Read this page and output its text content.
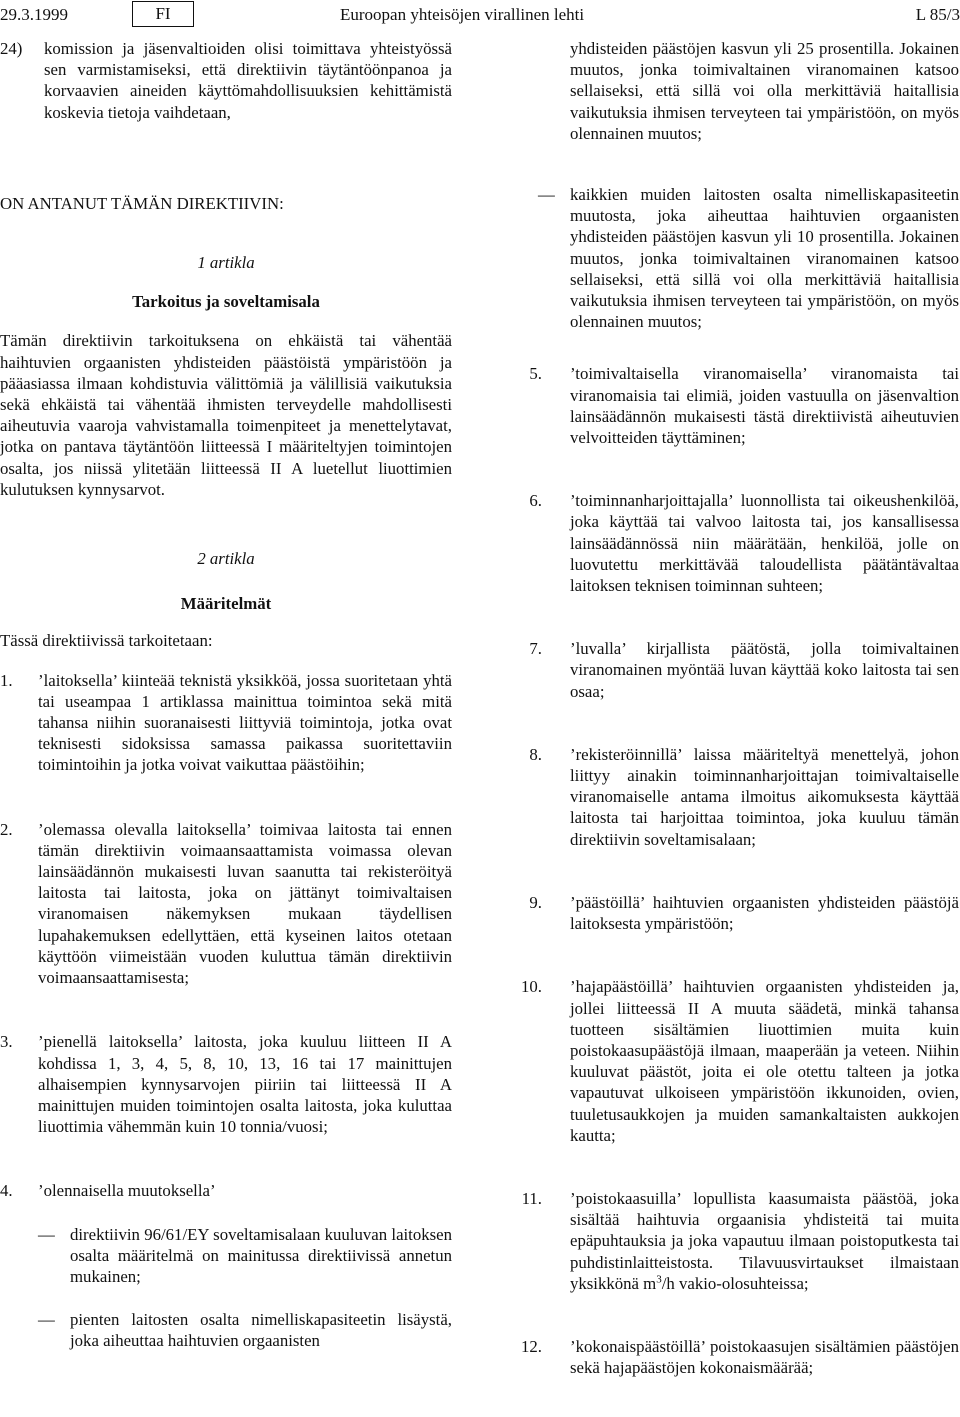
29.3.1999	FI	Euroopan yhteisöjen virallinen lehti	L 85/3
24)	komission ja jäsenvaltioiden olisi toimittava yhteistyössä sen varmistamiseksi, että direktiivin täytäntöönpanoa ja korvaavien aineiden käyttömahdollisuuksien kehittämistä koskevia tietoja vaihdetaan,

ON ANTANUT TÄMÄN DIREKTIIVIN:

1 artikla

Tarkoitus ja soveltamisala

Tämän direktiivin tarkoituksena on ehkäistä tai vähentää haihtuvien orgaanisten yhdisteiden päästöistä ympäristöön ja pääasiassa ilmaan kohdistuvia välittömiä ja välillisiä vaikutuksia sekä ehkäistä tai vähentää ihmisten terveydelle mahdollisesti aiheutuvia vaaroja vahvistamalla toimenpiteet ja menettelytavat, jotka on pantava täytäntöön liitteessä I määriteltyjen toimintojen osalta, jos niissä ylitetään liitteessä II A luetellut liuottimien kulutuksen kynnysarvot.

2 artikla

Määritelmät

Tässä direktiivissä tarkoitetaan:

1.	’laitoksella’ kiinteää teknistä yksikköä, jossa suoritetaan yhtä tai useampaa 1 artiklassa mainittua toimintoa sekä mitä tahansa niihin suoranaisesti liittyviä toimintoja, jotka ovat teknisesti sidoksissa samassa paikassa suoritettaviin toimintoihin ja jotka voivat vaikuttaa päästöihin;
2.	’olemassa olevalla laitoksella’ toimivaa laitosta tai ennen tämän direktiivin voimaansaattamista voimassa olevan lainsäädännön mukaisesti luvan saanutta tai rekisteröityä laitosta tai laitosta, joka on jättänyt toimivaltaisen viranomaisen näkemyksen mukaan täydellisen lupahakemuksen edellyttäen, että kyseinen laitos otetaan käyttöön viimeistään vuoden kuluttua tämän direktiivin voimaansaattamisesta;
3.	’pienellä laitoksella’ laitosta, joka kuuluu liitteen II A kohdissa 1, 3, 4, 5, 8, 10, 13, 16 tai 17 mainittujen alhaisempien kynnysarvojen piiriin tai liitteessä II A mainittujen muiden toimintojen osalta laitosta, joka kuluttaa liuottimia vähemmän kuin 10 tonnia/vuosi;
4.	’olennaisella muutoksella’
— direktiivin 96/61/EY soveltamisalaan kuuluvan laitoksen osalta määritelmä on mainitussa direktiivissä annetun mukainen;
— pienten laitosten osalta nimelliskapasiteetin lisäystä, joka aiheuttaa haihtuvien orgaanisten

yhdisteiden päästöjen kasvun yli 25 prosentilla. Jokainen muutos, jonka toimivaltainen viranomainen katsoo sellaiseksi, että sillä voi olla merkittäviä haitallisia vaikutuksia ihmisen terveyteen tai ympäristöön, on myös olennainen muutos;

— kaikkien muiden laitosten osalta nimelliskapasiteetin muutosta, joka aiheuttaa haihtuvien orgaanisten yhdisteiden päästöjen kasvun yli 10 prosentilla. Jokainen muutos, jonka toimivaltainen viranomainen katsoo sellaiseksi, että sillä voi olla merkittäviä haitallisia vaikutuksia ihmisen terveyteen tai ympäristöön, on myös olennainen muutos;
5. ’toimivaltaisella viranomaisella’ viranomaista tai viranomaisia tai elimiä, joiden vastuulla on jäsenvaltion lainsäädännön mukaisesti tästä direktiivistä aiheutuvien velvoitteiden täyttäminen;
6. ’toiminnanharjoittajalla’ luonnollista tai oikeushenkilöä, joka käyttää tai valvoo laitosta tai, jos kansallisessa lainsäädännössä niin määrätään, henkilöä, jolle on luovutettu merkittävää taloudellista päätäntävaltaa laitoksen teknisen toiminnan suhteen;
7. ’luvalla’ kirjallista päätöstä, jolla toimivaltainen viranomainen myöntää luvan käyttää koko laitosta tai sen osaa;
8. ’rekisteröinnillä’ laissa määriteltyä menettelyä, johon liittyy ainakin toiminnanharjoittajan toimivaltaiselle viranomaiselle antama ilmoitus aikomuksesta käyttää laitosta tai harjoittaa toimintoa, joka kuuluu tämän direktiivin soveltamisalaan;
9. ’päästöillä’ haihtuvien orgaanisten yhdisteiden päästöjä laitoksesta ympäristöön;
10. ’hajapäästöillä’ haihtuvien orgaanisten yhdisteiden ja, jollei liitteessä II A muuta säädetä, minkä tahansa tuotteen sisältämien liuottimien muita kuin poistokaasupäästöjä ilmaan, maaperään ja veteen. Niihin kuuluvat päästöt, joita ei ole otettu talteen ja jotka vapautuvat ulkoiseen ympäristöön ikkunoiden, ovien, tuuletusaukkojen ja muiden samankaltaisten aukkojen kautta;
11. ’poistokaasuilla’ lopullista kaasumaista päästöä, joka sisältää haihtuvia orgaanisia yhdisteitä tai muita epäpuhtauksia ja joka vapautuu ilmaan poistoputkesta tai puhdistinlaitteistosta. Tilavuusvirtaukset ilmaistaan yksikkönä $m^3/h$ vakio-olosuhteissa;
12. ’kokonaispäästöillä’ poistokaasujen sisältämien päästöjen sekä hajapäästöjen kokonaismäärää;
